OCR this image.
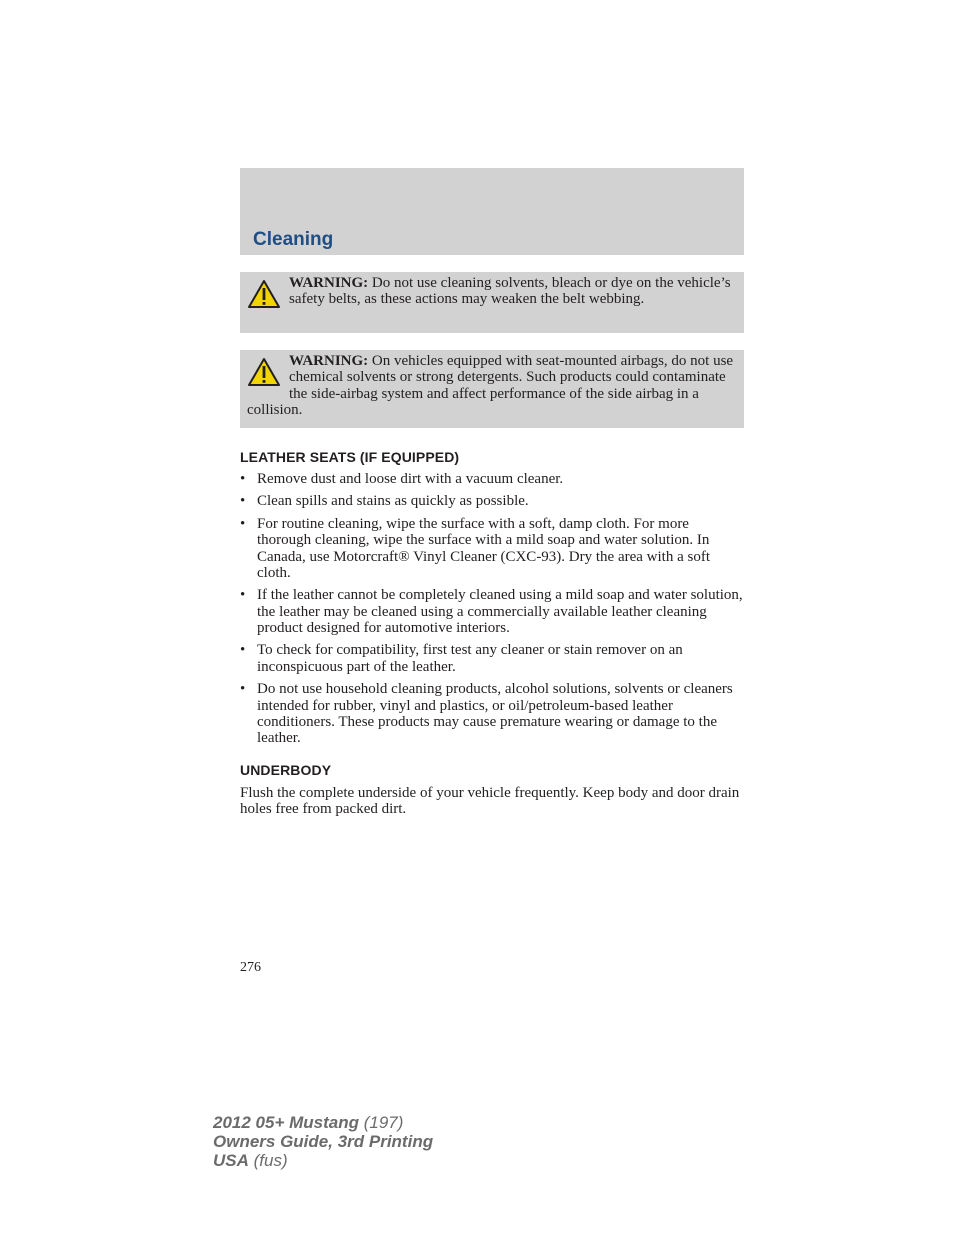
Cleaning
WARNING: Do not use cleaning solvents, bleach or dye on the vehicle’s safety belts, as these actions may weaken the belt webbing.
WARNING: On vehicles equipped with seat-mounted airbags, do not use chemical solvents or strong detergents. Such products could contaminate the side-airbag system and affect performance of the side airbag in a collision.
LEATHER SEATS (IF EQUIPPED)
• Remove dust and loose dirt with a vacuum cleaner.
• Clean spills and stains as quickly as possible.
• For routine cleaning, wipe the surface with a soft, damp cloth. For more thorough cleaning, wipe the surface with a mild soap and water solution. In Canada, use Motorcraft® Vinyl Cleaner (CXC-93). Dry the area with a soft cloth.
• If the leather cannot be completely cleaned using a mild soap and water solution, the leather may be cleaned using a commercially available leather cleaning product designed for automotive interiors.
• To check for compatibility, first test any cleaner or stain remover on an inconspicuous part of the leather.
• Do not use household cleaning products, alcohol solutions, solvents or cleaners intended for rubber, vinyl and plastics, or oil/petroleum-based leather conditioners. These products may cause premature wearing or damage to the leather.
UNDERBODY
Flush the complete underside of your vehicle frequently. Keep body and door drain holes free from packed dirt.
276
2012 05+ Mustang (197)
Owners Guide, 3rd Printing
USA (fus)
